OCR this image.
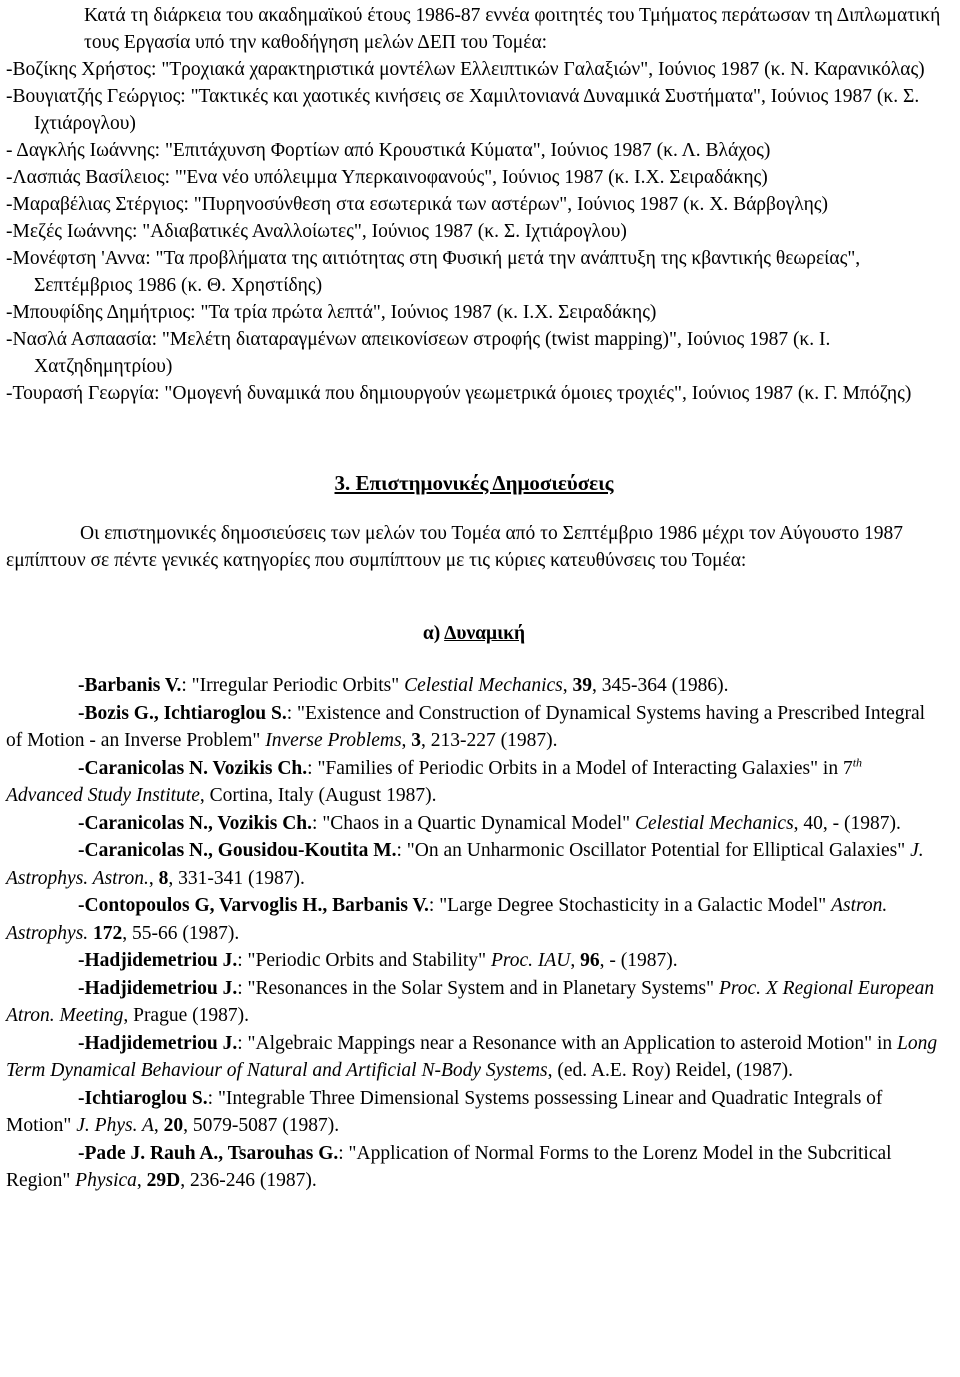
Κατά τη διάρκεια του ακαδημαϊκού έτους 1986-87 εννέα φοιτητές του Τμήματος περάτωσαν τη Διπλωματική τους Εργασία υπό την καθοδήγηση μελών ΔΕΠ του Τομέα:
-Βοζίκης Χρήστος: "Τροχιακά χαρακτηριστικά μοντέλων Ελλειπτικών Γαλαξιών", Ιούνιος 1987 (κ. Ν. Καρανικόλας)
-Βουγιατζής Γεώργιος: "Τακτικές και χαοτικές κινήσεις σε Χαμιλτονιανά Δυναμικά Συστήματα", Ιούνιος 1987 (κ. Σ. Ιχτιάρογλου)
- Δαγκλής Ιωάννης: "Επιτάχυνση Φορτίων από Κρουστικά Κύματα", Ιούνιος 1987 (κ. Λ. Βλάχος)
-Λασπιάς Βασίλειος: "'Ενα νέο υπόλειμμα Υπερκαινοφανούς", Ιούνιος 1987 (κ. Ι.Χ. Σειραδάκης)
-Μαραβέλιας Στέργιος: "Πυρηνοσύνθεση στα εσωτερικά των αστέρων", Ιούνιος 1987 (κ. Χ. Βάρβογλης)
-Μεζές Ιωάννης: "Αδιαβατικές Αναλλοίωτες", Ιούνιος 1987 (κ. Σ. Ιχτιάρογλου)
-Μονέφτση 'Αννα: "Τα προβλήματα της αιτιότητας στη Φυσική μετά την ανάπτυξη της κβαντικής θεωρείας", Σεπτέμβριος 1986 (κ. Θ. Χρηστίδης)
-Μπουφίδης Δημήτριος: "Τα τρία πρώτα λεπτά", Ιούνιος 1987 (κ. Ι.Χ. Σειραδάκης)
-Νασλά Ασπαασία: "Μελέτη διαταραγμένων απεικονίσεων στροφής (twist mapping)", Ιούνιος 1987 (κ. Ι. Χατζηδημητρίου)
-Τουρασή Γεωργία: "Ομογενή δυναμικά που δημιουργούν γεωμετρικά όμοιες τροχιές", Ιούνιος 1987 (κ. Γ. Μπόζης)
3. Επιστημονικές Δημοσιεύσεις
Οι επιστημονικές δημοσιεύσεις των μελών του Τομέα από το Σεπτέμβριο 1986 μέχρι τον Αύγουστο 1987 εμπίπτουν σε πέντε γενικές κατηγορίες που συμπίπτουν με τις κύριες κατευθύνσεις του Τομέα:
α) Δυναμική
-Barbanis V.: "Irregular Periodic Orbits" Celestial Mechanics, 39, 345-364 (1986).
-Bozis G., Ichtiaroglou S.: "Existence and Construction of Dynamical Systems having a Prescribed Integral of Motion - an Inverse Problem" Inverse Problems, 3, 213-227 (1987).
-Caranicolas N. Vozikis Ch.: "Families of Periodic Orbits in a Model of Interacting Galaxies" in 7th Advanced Study Institute, Cortina, Italy (August 1987).
-Caranicolas N., Vozikis Ch.: "Chaos in a Quartic Dynamical Model" Celestial Mechanics, 40, - (1987).
-Caranicolas N., Gousidou-Koutita M.: "On an Unharmonic Oscillator Potential for Elliptical Galaxies" J. Astrophys. Astron., 8, 331-341 (1987).
-Contopoulos G, Varvoglis H., Barbanis V.: "Large Degree Stochasticity in a Galactic Model" Astron. Astrophys. 172, 55-66 (1987).
-Hadjidemetriou J.: "Periodic Orbits and Stability" Proc. IAU, 96, - (1987).
-Hadjidemetriou J.: "Resonances in the Solar System and in Planetary Systems" Proc. X Regional European Atron. Meeting, Prague (1987).
-Hadjidemetriou J.: "Algebraic Mappings near a Resonance with an Application to asteroid Motion" in Long Term Dynamical Behaviour of Natural and Artificial N-Body Systems, (ed. A.E. Roy) Reidel, (1987).
-Ichtiaroglou S.: "Integrable Three Dimensional Systems possessing Linear and Quadratic Integrals of Motion" J. Phys. A, 20, 5079-5087 (1987).
-Pade J. Rauh A., Tsarouhas G.: "Application of Normal Forms to the Lorenz Model in the Subcritical Region" Physica, 29D, 236-246 (1987).
